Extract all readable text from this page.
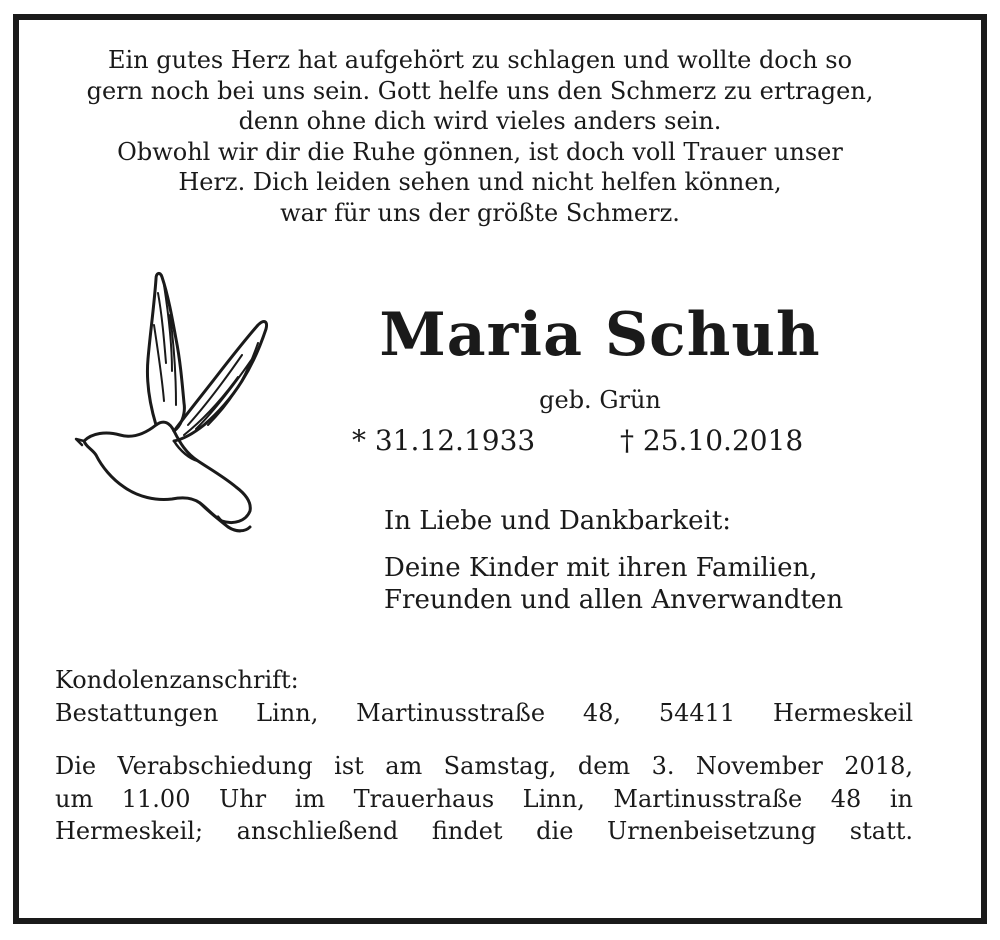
Ein gutes Herz hat aufgehört zu schlagen und wollte doch so
gern noch bei uns sein. Gott helfe uns den Schmerz zu ertragen,
denn ohne dich wird vieles anders sein.
Obwohl wir dir die Ruhe gönnen, ist doch voll Trauer unser
Herz. Dich leiden sehen und nicht helfen können,
war für uns der größte Schmerz.
Maria Schuh
geb. Grün
* 31.12.1933	† 25.10.2018
In Liebe und Dankbarkeit:
Deine Kinder mit ihren Familien,
Freunden und allen Anverwandten
Kondolenzanschrift:
Bestattungen Linn, Martinusstraße 48, 54411 Hermeskeil
Die Verabschiedung ist am Samstag, dem 3. November 2018,
um 11.00 Uhr im Trauerhaus Linn, Martinusstraße 48 in
Hermeskeil; anschließend findet die Urnenbeisetzung statt.
